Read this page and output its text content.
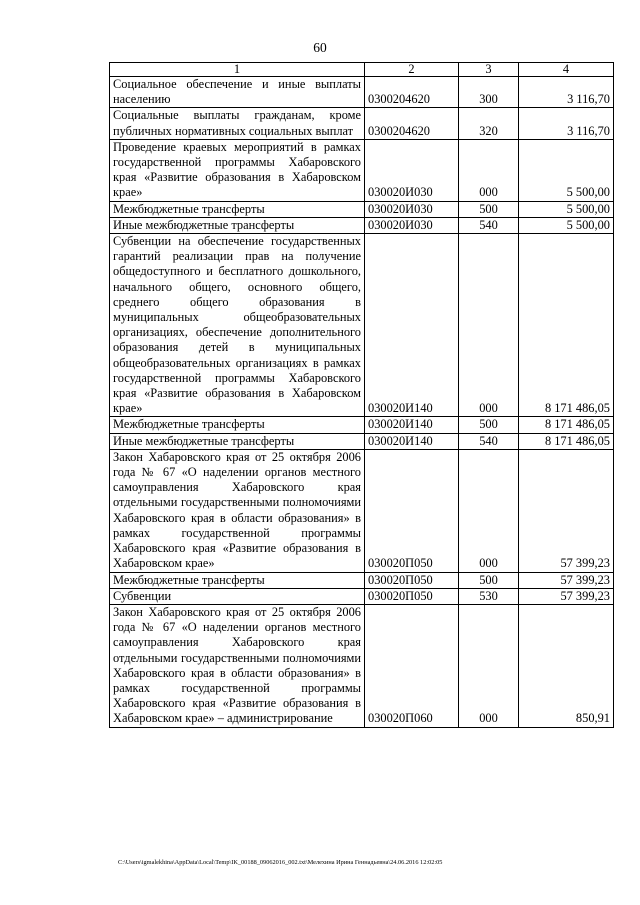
60
1	2	3	4
Социальное обеспечение и иные выплаты населению	0300204620	300	3 116,70
Социальные выплаты гражданам, кроме публичных нормативных социальных выплат	0300204620	320	3 116,70
Проведение краевых мероприятий в рамках государственной программы Хабаровского края «Развитие образования в Хабаровском крае»	030020И030	000	5 500,00
Межбюджетные трансферты	030020И030	500	5 500,00
Иные межбюджетные трансферты	030020И030	540	5 500,00
Субвенции на обеспечение государственных гарантий реализации прав на получение общедоступного и бесплатного дошкольного, начального общего, основного общего, среднего общего образования в муниципальных общеобразовательных организациях, обеспечение дополнительного образования детей в муниципальных общеобразовательных организациях в рамках государственной программы Хабаровского края «Развитие образования в Хабаровском крае»	030020И140	000	8 171 486,05
Межбюджетные трансферты	030020И140	500	8 171 486,05
Иные межбюджетные трансферты	030020И140	540	8 171 486,05
Закон Хабаровского края от 25 октября 2006 года № 67 «О наделении органов местного самоуправления Хабаровского края отдельными государственными полномочиями Хабаровского края в области образования» в рамках государственной программы Хабаровского края «Развитие образования в Хабаровском крае»	030020П050	000	57 399,23
Межбюджетные трансферты	030020П050	500	57 399,23
Субвенции	030020П050	530	57 399,23
Закон Хабаровского края от 25 октября 2006 года № 67 «О наделении органов местного самоуправления Хабаровского края отдельными государственными полномочиями Хабаровского края в области образования» в рамках государственной программы Хабаровского края «Развитие образования в Хабаровском крае» – администрирование	030020П060	000	850,91
C:\Users\igmalekhina\AppData\Local\Temp\IK_00188_09062016_002.txt\Мелехина Ирина Геннадьевна\24.06.2016 12:02:05
